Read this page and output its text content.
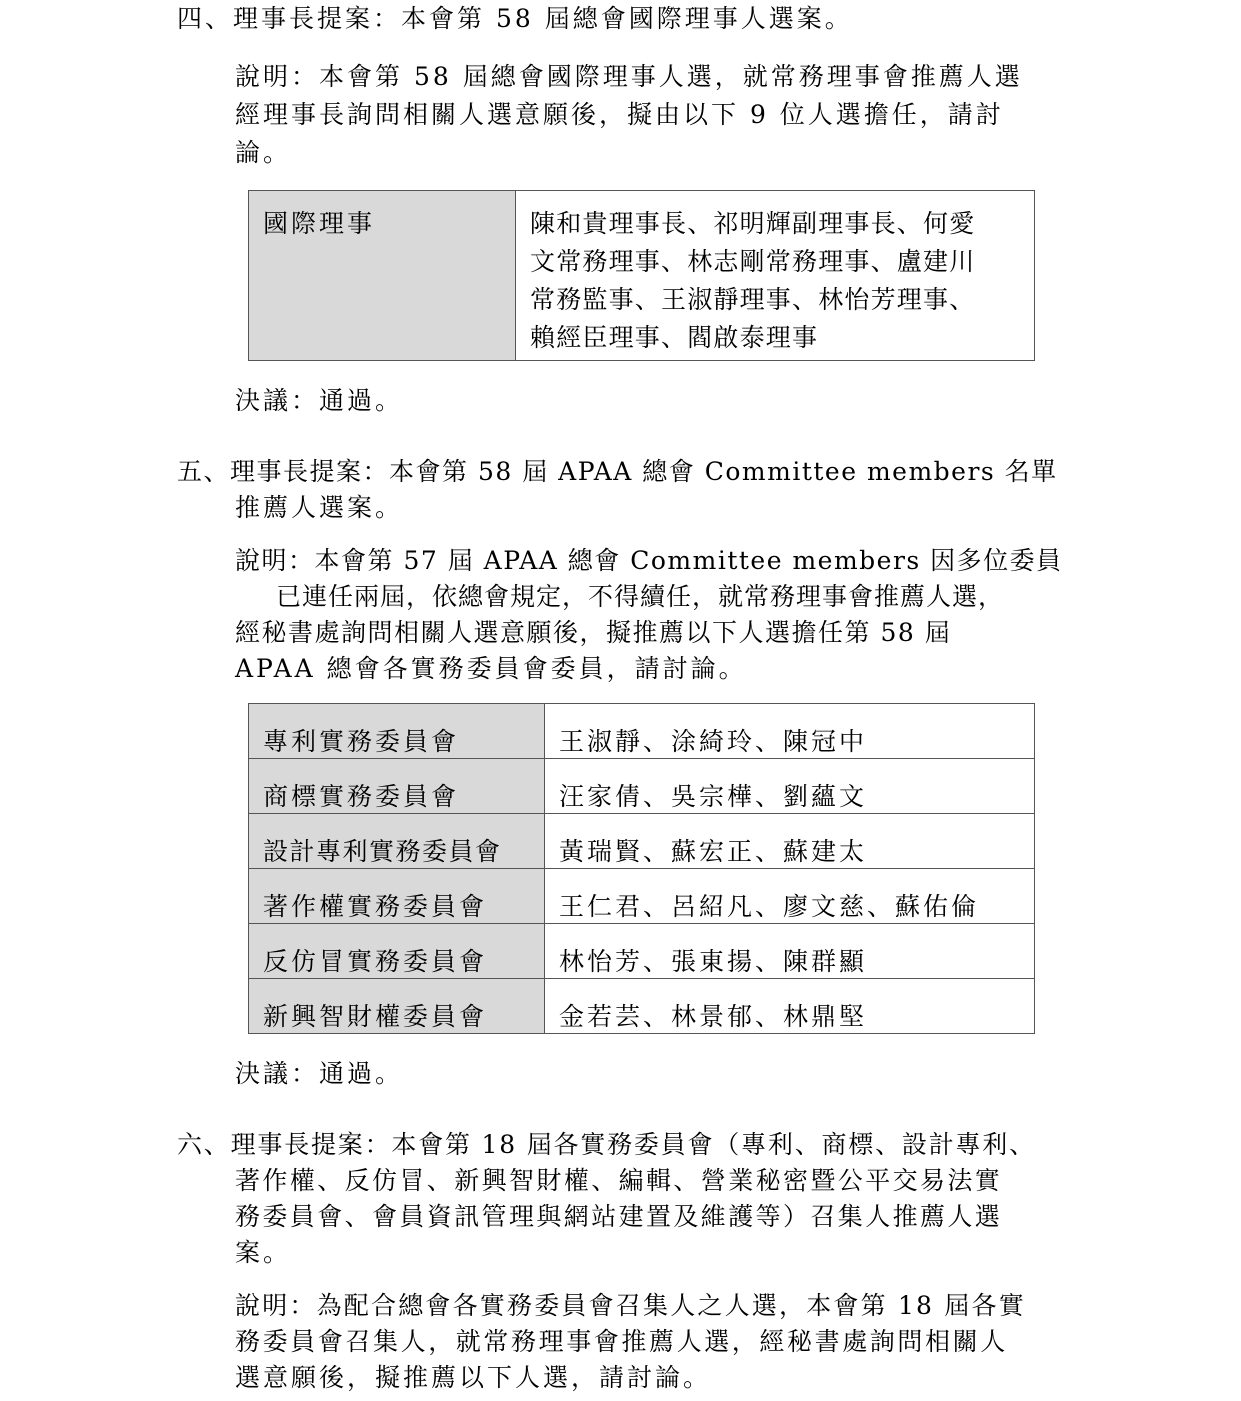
四、理事長提案：本會第 58 屆總會國際理事人選案。
說明：本會第 58 屆總會國際理事人選，就常務理事會推薦人選
經理事長詢問相關人選意願後，擬由以下 9 位人選擔任，請討
論。
國際理事	陳和貴理事長、祁明輝副理事長、何愛
文常務理事、林志剛常務理事、盧建川
常務監事、王淑靜理事、林怡芳理事、
賴經臣理事、閻啟泰理事
決議：通過。
五、理事長提案：本會第 58 屆 APAA 總會 Committee members 名單
推薦人選案。
說明：本會第 57 屆 APAA 總會 Committee members 因多位委員
已連任兩屆，依總會規定，不得續任，就常務理事會推薦人選，
經秘書處詢問相關人選意願後，擬推薦以下人選擔任第 58 屆
APAA 總會各實務委員會委員，請討論。
專利實務委員會	王淑靜、涂綺玲、陳冠中

商標實務委員會	汪家倩、吳宗樺、劉蘊文

設計專利實務委員會	黃瑞賢、蘇宏正、蘇建太

著作權實務委員會	王仁君、呂紹凡、廖文慈、蘇佑倫

反仿冒實務委員會	林怡芳、張東揚、陳群顯

新興智財權委員會	金若芸、林景郁、林鼎堅
決議：通過。
六、理事長提案：本會第 18 屆各實務委員會（專利、商標、設計專利、
著作權、反仿冒、新興智財權、編輯、營業秘密暨公平交易法實
務委員會、會員資訊管理與網站建置及維護等）召集人推薦人選
案。
說明：為配合總會各實務委員會召集人之人選，本會第 18 屆各實
務委員會召集人，就常務理事會推薦人選，經秘書處詢問相關人
選意願後，擬推薦以下人選，請討論。
